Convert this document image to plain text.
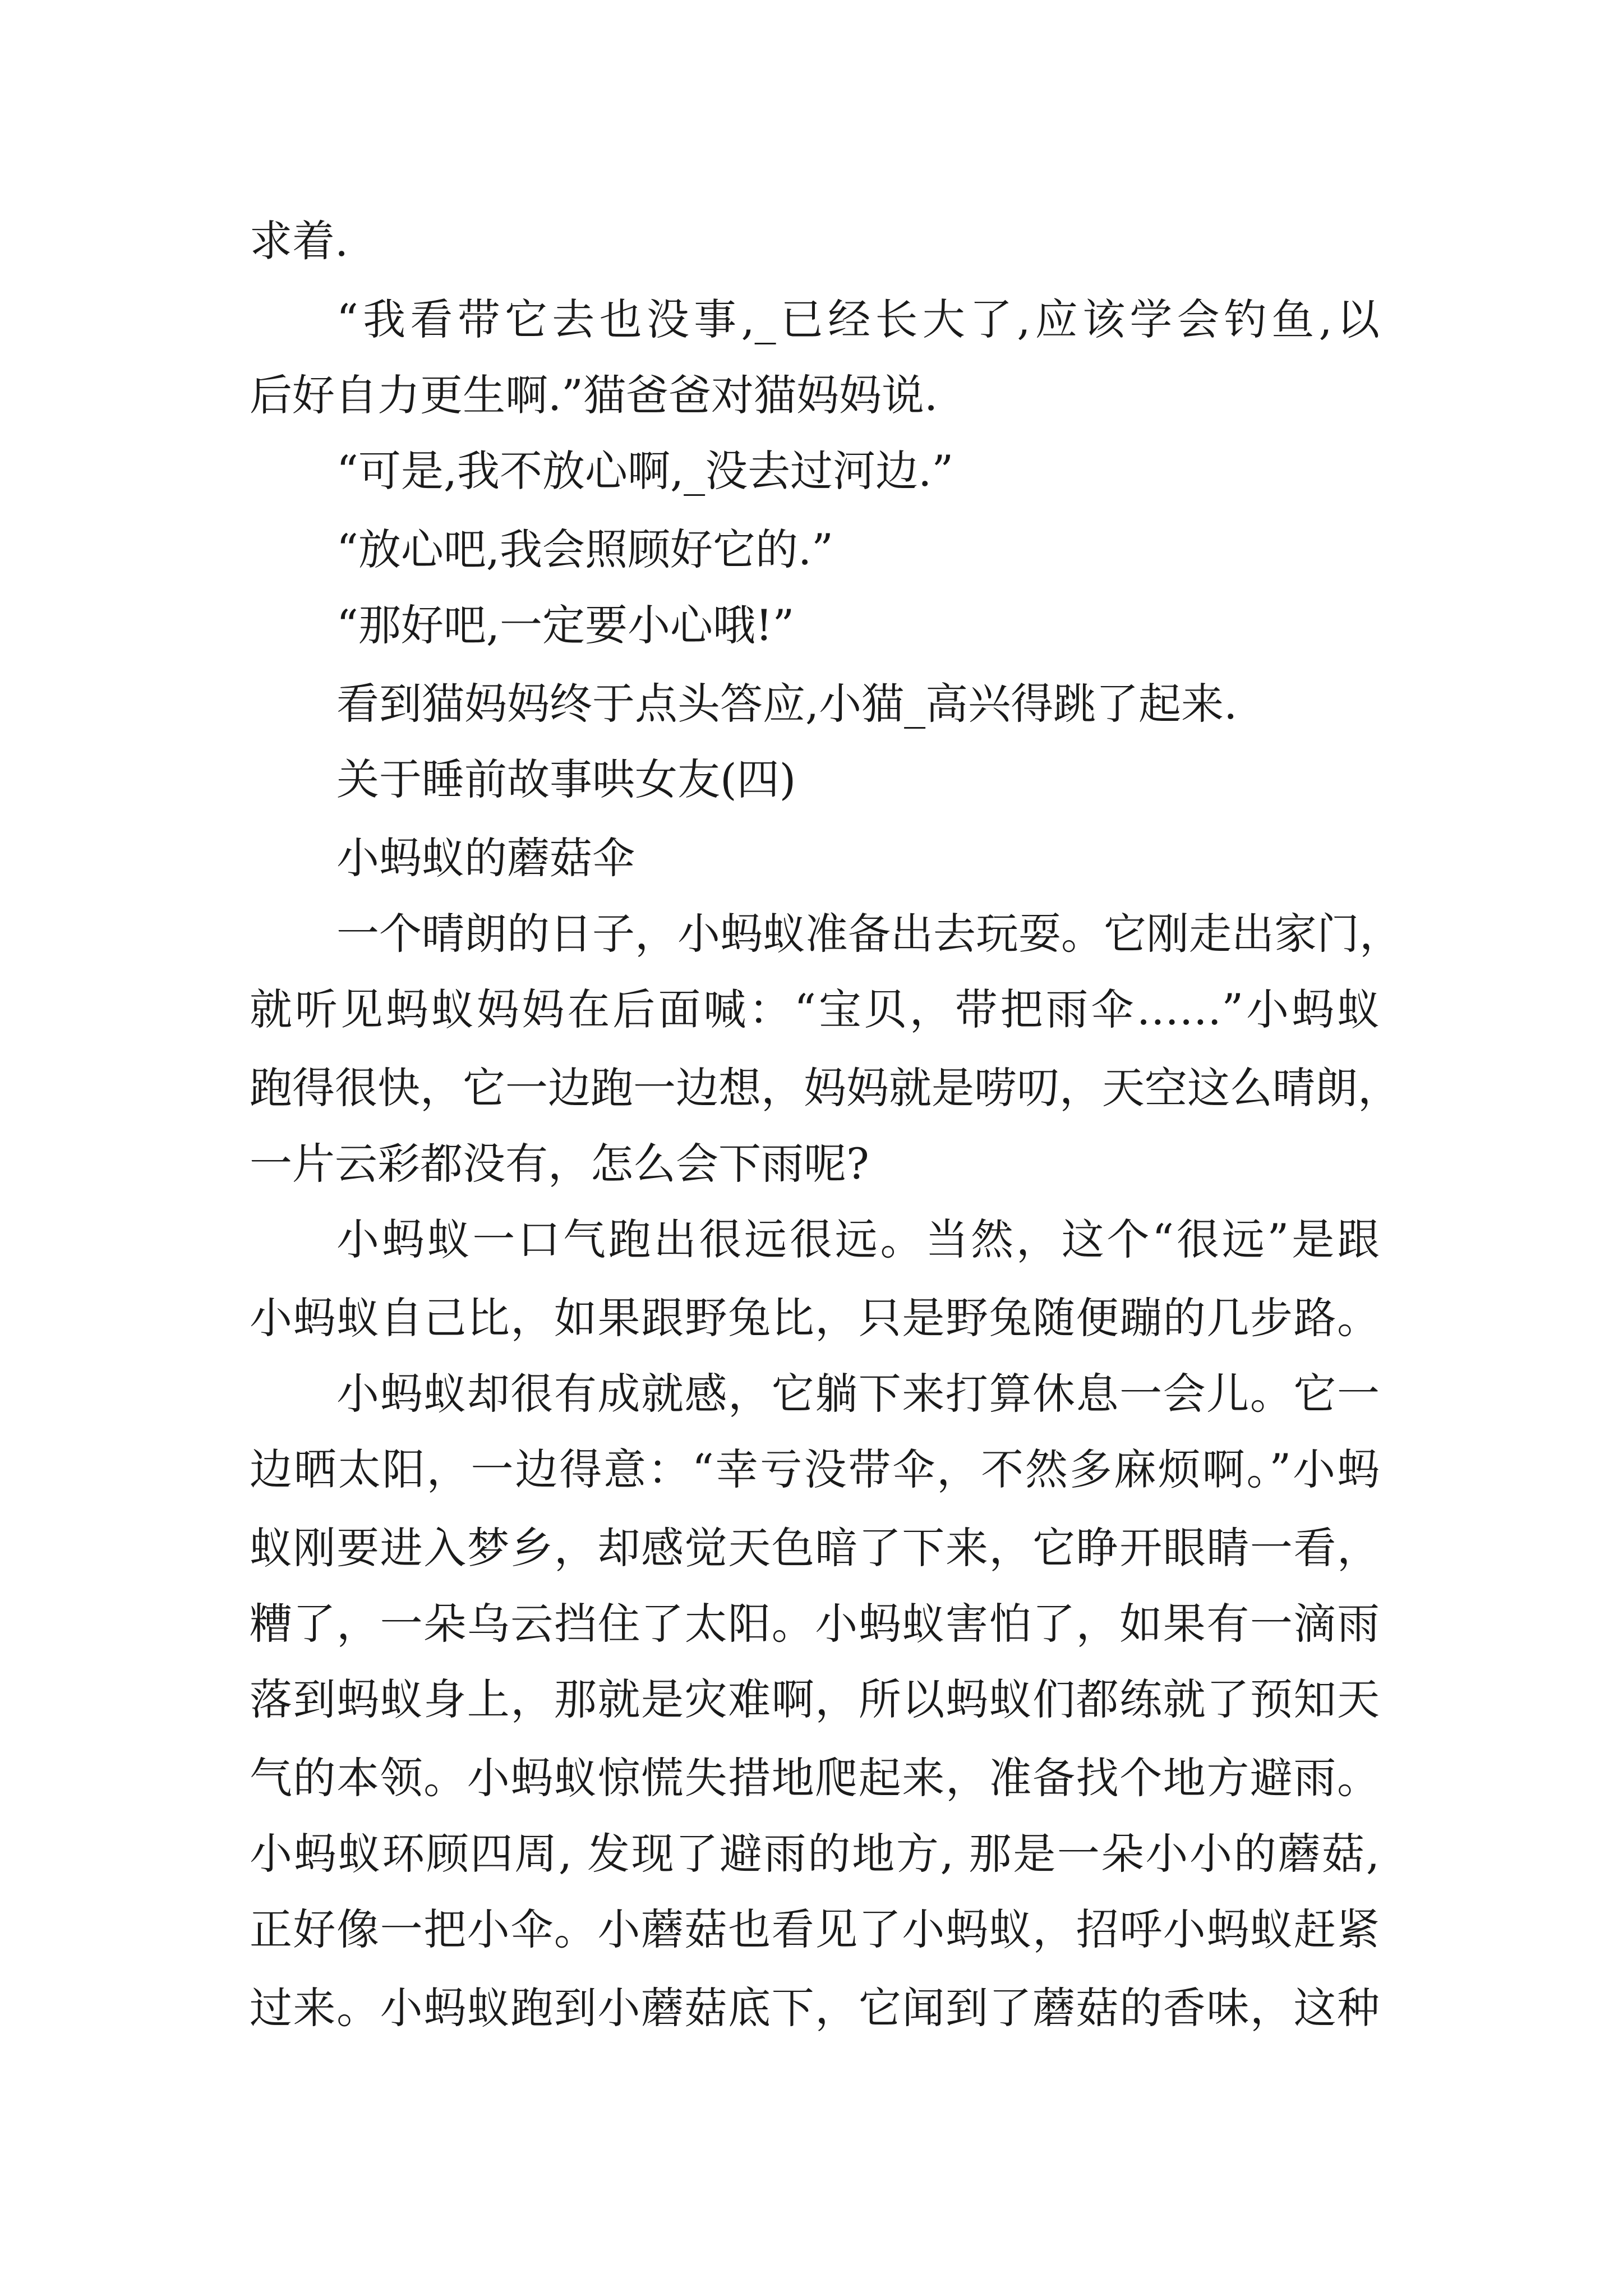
求着.
“我看带它去也没事,_已经长大了,应该学会钓鱼,以
后好自力更生啊.”猫爸爸对猫妈妈说.
“可是,我不放心啊,_没去过河边.”
“放心吧,我会照顾好它的.”
“那好吧,一定要小心哦!”
看到猫妈妈终于点头答应,小猫_高兴得跳了起来.
关于睡前故事哄女友(四)
小蚂蚁的蘑菇伞
一个晴朗的日子，小蚂蚁准备出去玩耍。它刚走出家门，
就听见蚂蚁妈妈在后面喊：“宝贝，带把雨伞……”小蚂蚁
跑得很快，它一边跑一边想，妈妈就是唠叨，天空这么晴朗，
一片云彩都没有，怎么会下雨呢?
小蚂蚁一口气跑出很远很远。当然，这个“很远”是跟
小蚂蚁自己比，如果跟野兔比，只是野兔随便蹦的几步路。
小蚂蚁却很有成就感，它躺下来打算休息一会儿。它一
边晒太阳，一边得意：“幸亏没带伞，不然多麻烦啊。”小蚂
蚁刚要进入梦乡，却感觉天色暗了下来，它睁开眼睛一看，
糟了，一朵乌云挡住了太阳。小蚂蚁害怕了，如果有一滴雨
落到蚂蚁身上，那就是灾难啊，所以蚂蚁们都练就了预知天
气的本领。小蚂蚁惊慌失措地爬起来，准备找个地方避雨。
小蚂蚁环顾四周, 发现了避雨的地方, 那是一朵小小的蘑菇,
正好像一把小伞。小蘑菇也看见了小蚂蚁，招呼小蚂蚁赶紧
过来。小蚂蚁跑到小蘑菇底下，它闻到了蘑菇的香味，这种
